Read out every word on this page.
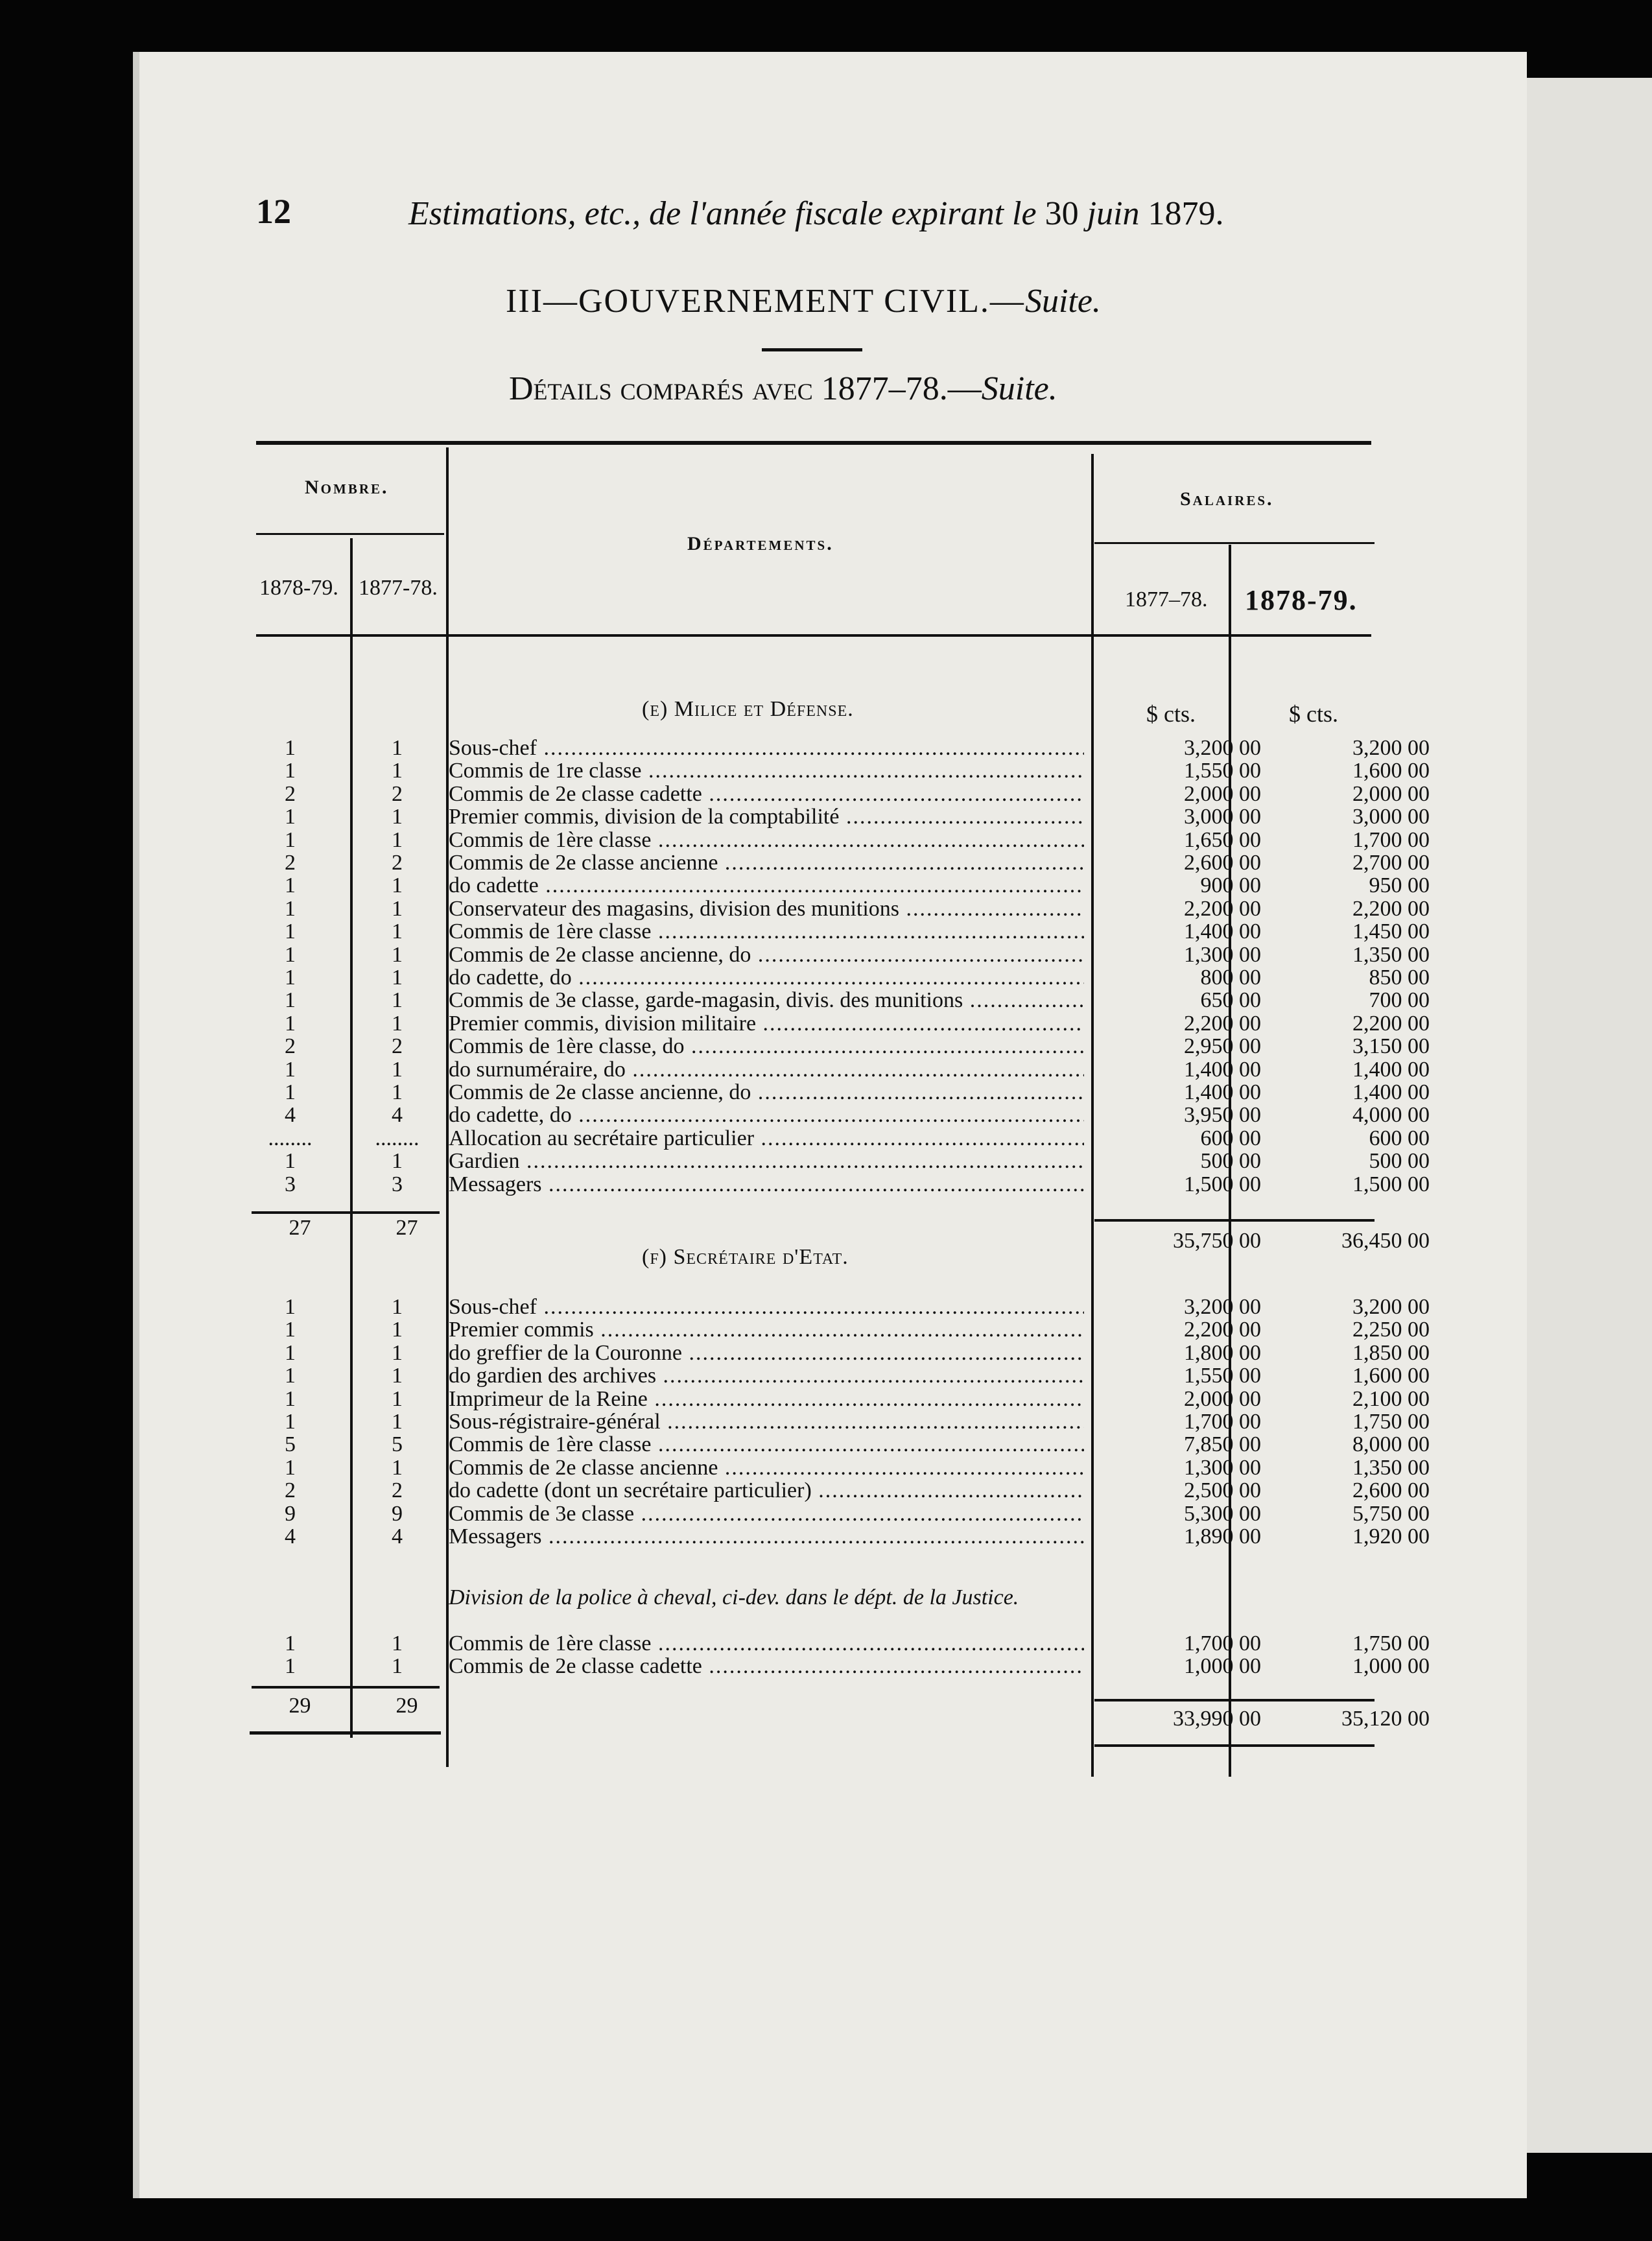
12	Estimations, etc., de l'année fiscale expirant le 30 juin 1879.
III—GOUVERNEMENT CIVIL.—Suite.
Détails comparés avec 1877–78.—Suite.
Nombre.
1878-79. 1877-78.
Départements.
Salaires.
1877–78. 1878-79.
(e) Milice et Défense.	$ cts.	$ cts.
1	1	Sous-chef .....	3,200 00	3,200 00
1	1	Commis de 1re classe .....	1,550 00	1,600 00
2	2	Commis de 2e classe cadette .....	2,000 00	2,000 00
1	1	Premier commis, division de la comptabilité .....	3,000 00	3,000 00
1	1	Commis de 1ère classe .....	1,650 00	1,700 00
2	2	Commis de 2e classe ancienne .....	2,600 00	2,700 00
1	1	do cadette .....	900 00	950 00
1	1	Conservateur des magasins, division des munitions .....	2,200 00	2,200 00
1	1	Commis de 1ère classe .....	1,400 00	1,450 00
1	1	Commis de 2e classe ancienne, do .....	1,300 00	1,350 00
1	1	do cadette, do .....	800 00	850 00
1	1	Commis de 3e classe, garde-magasin, divis. des munitions .....	650 00	700 00
1	1	Premier commis, division militaire .....	2,200 00	2,200 00
2	2	Commis de 1ère classe, do .....	2,950 00	3,150 00
1	1	do surnuméraire, do .....	1,400 00	1,400 00
1	1	Commis de 2e classe ancienne, do .....	1,400 00	1,400 00
4	4	do cadette, do .....	3,950 00	4,000 00
........	........	Allocation au secrétaire particulier .....	600 00	600 00
1	1	Gardien .....	500 00	500 00
3	3	Messagers .....	1,500 00	1,500 00
27	27
35,750 00	36,450 00
(f) Secrétaire d'Etat.
1	1	Sous-chef .....	3,200 00	3,200 00
1	1	Premier commis .....	2,200 00	2,250 00
1	1	do greffier de la Couronne .....	1,800 00	1,850 00
1	1	do gardien des archives .....	1,550 00	1,600 00
1	1	Imprimeur de la Reine .....	2,000 00	2,100 00
1	1	Sous-régistraire-général .....	1,700 00	1,750 00
5	5	Commis de 1ère classe .....	7,850 00	8,000 00
1	1	Commis de 2e classe ancienne .....	1,300 00	1,350 00
2	2	do cadette (dont un secrétaire particulier) .....	2,500 00	2,600 00
9	9	Commis de 3e classe .....	5,300 00	5,750 00
4	4	Messagers .....	1,890 00	1,920 00
Division de la police à cheval, ci-dev. dans le dépt. de la Justice.
1	1	Commis de 1ère classe .....	1,700 00	1,750 00
1	1	Commis de 2e classe cadette .....	1,000 00	1,000 00
29	29
33,990 00	35,120 00
